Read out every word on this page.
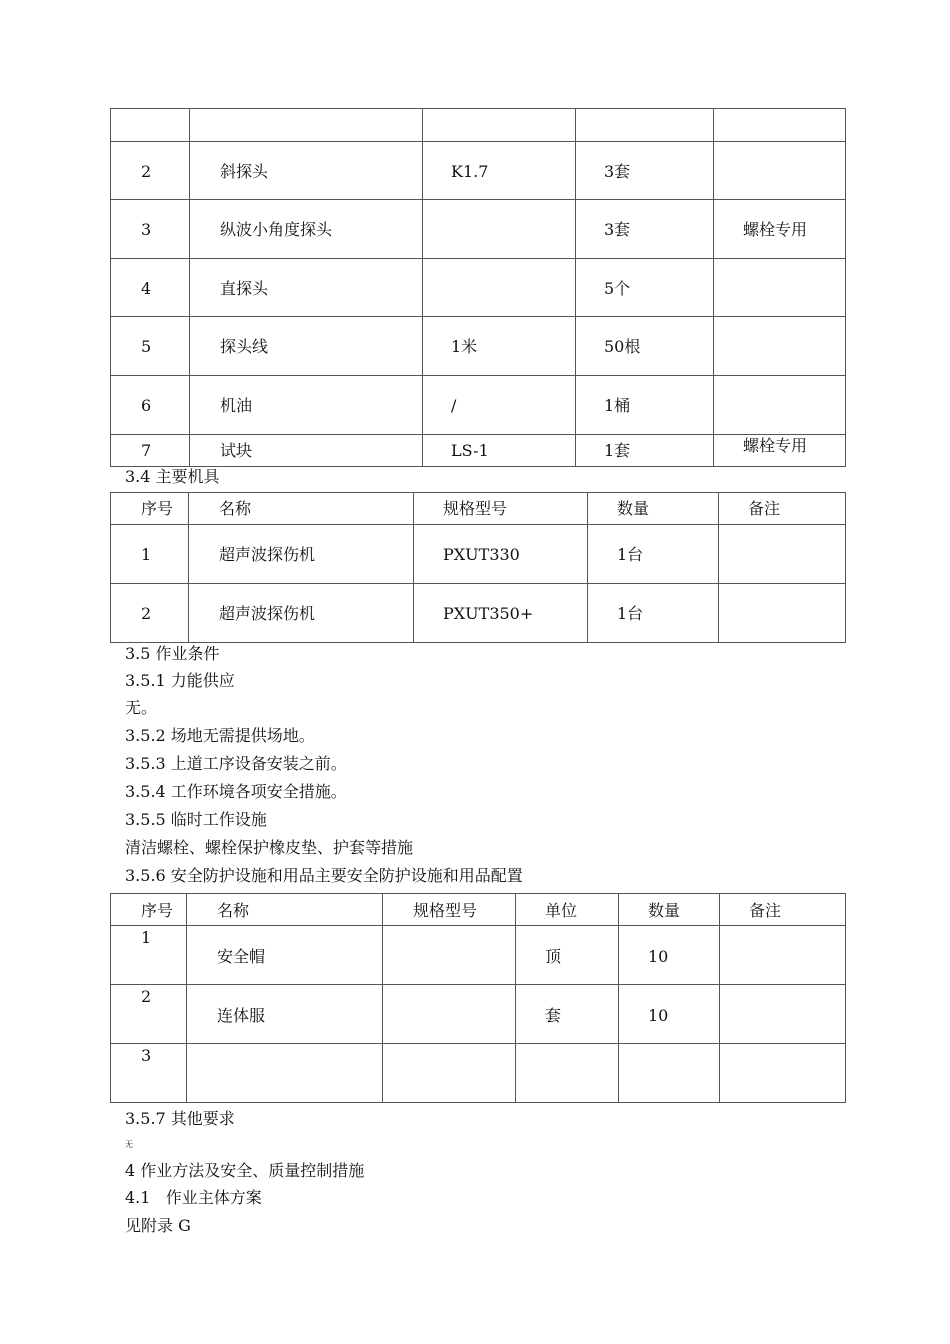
2	斜探头	K1.7	3套	

3	纵波小角度探头		3套	螺栓专用

4	直探头		5个	

5	探头线	1米	50根	

6	机油	/	1桶	

7	试块	LS-1	1套	螺栓专用
3.4 主要机具
序号	名称	规格型号	数量	备注

1	超声波探伤机	PXUT330	1台	

2	超声波探伤机	PXUT350+	1台	

3.5 作业条件
3.5.1 力能供应
无。
3.5.2 场地无需提供场地。
3.5.3 上道工序设备安装之前。
3.5.4 工作环境各项安全措施。
3.5.5 临时工作设施
清洁螺栓、螺栓保护橡皮垫、护套等措施
3.5.6 安全防护设施和用品主要安全防护设施和用品配置
序号	名称	规格型号	单位	数量	备注

1	安全帽		顶	10	

2	连体服		套	10	

3					

3.5.7 其他要求
无
4 作业方法及安全、质量控制措施
4.1   作业主体方案
见附录 G
